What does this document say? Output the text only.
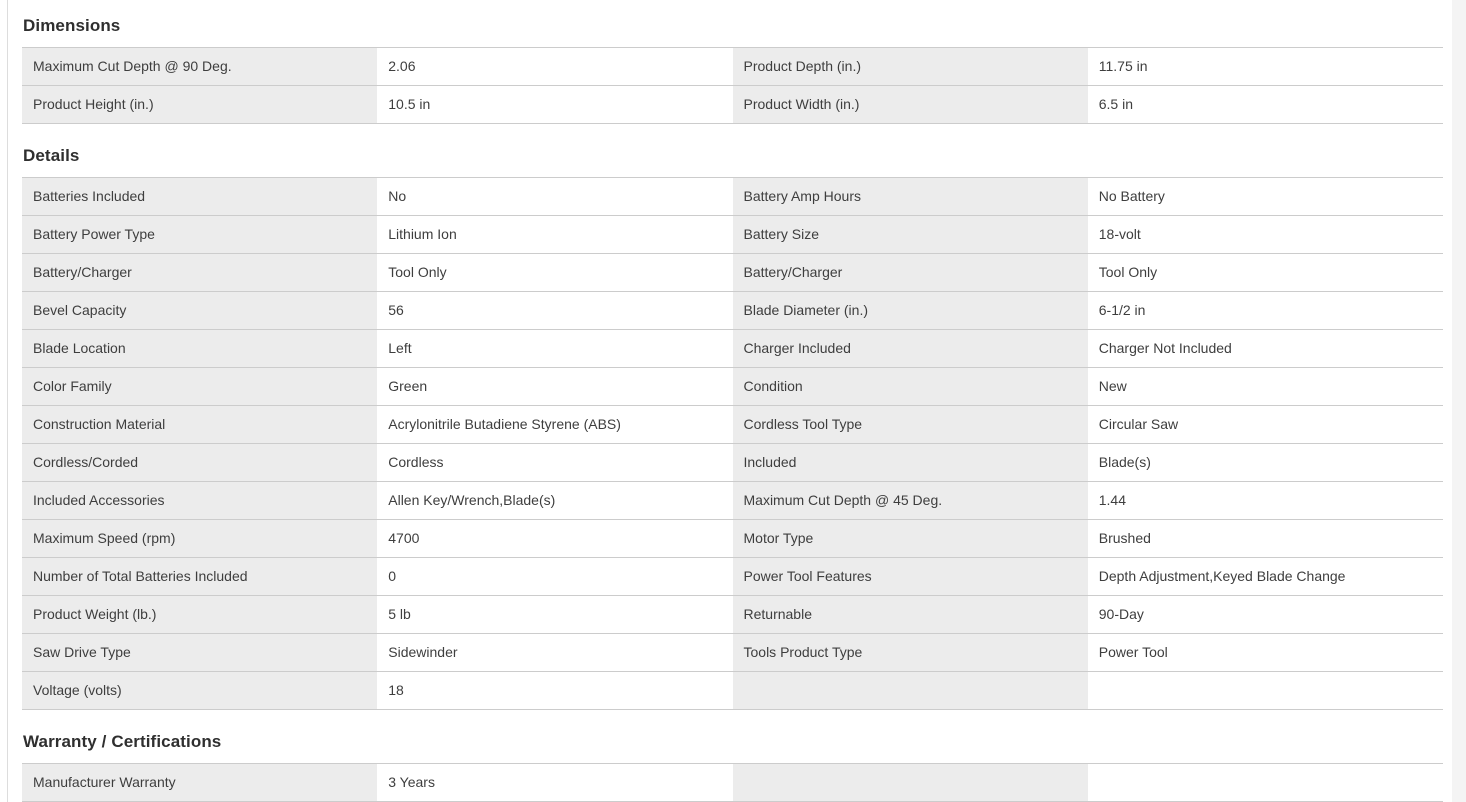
Dimensions
Maximum Cut Depth @ 90 Deg.	2.06	Product Depth (in.)	11.75 in
Product Height (in.)	10.5 in	Product Width (in.)	6.5 in
Details
Batteries Included	No	Battery Amp Hours	No Battery
Battery Power Type	Lithium Ion	Battery Size	18-volt
Battery/Charger	Tool Only	Battery/Charger	Tool Only
Bevel Capacity	56	Blade Diameter (in.)	6-1/2 in
Blade Location	Left	Charger Included	Charger Not Included
Color Family	Green	Condition	New
Construction Material	Acrylonitrile Butadiene Styrene (ABS)	Cordless Tool Type	Circular Saw
Cordless/Corded	Cordless	Included	Blade(s)
Included Accessories	Allen Key/Wrench,Blade(s)	Maximum Cut Depth @ 45 Deg.	1.44
Maximum Speed (rpm)	4700	Motor Type	Brushed
Number of Total Batteries Included	0	Power Tool Features	Depth Adjustment,Keyed Blade Change
Product Weight (lb.)	5 lb	Returnable	90-Day
Saw Drive Type	Sidewinder	Tools Product Type	Power Tool
Voltage (volts)	18
Warranty / Certifications
Manufacturer Warranty	3 Years
